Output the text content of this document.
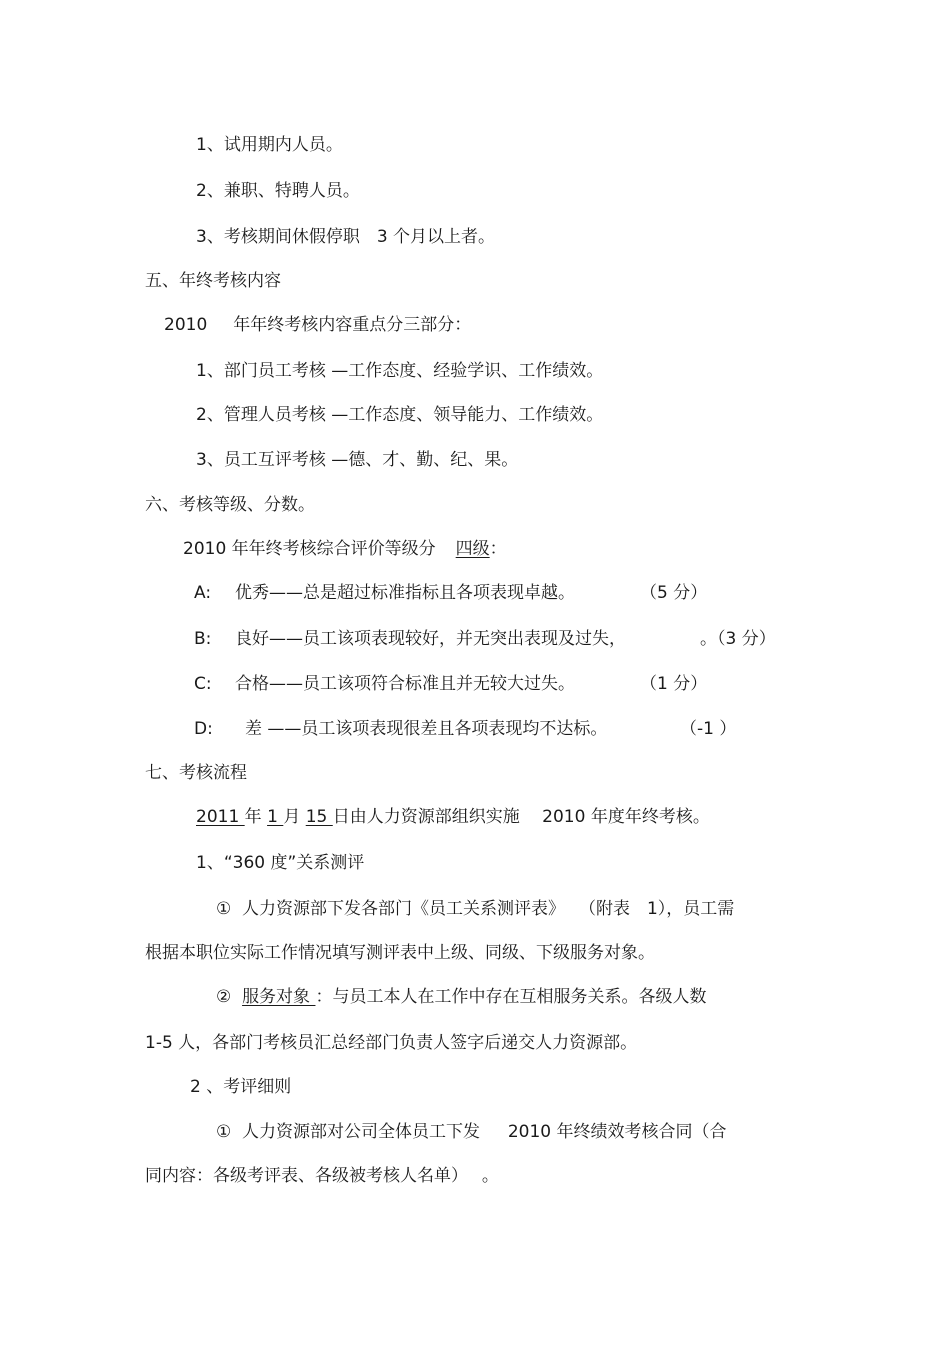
1、试用期内人员。
2、兼职、特聘人员。
3、考核期间休假停职　3 个月以上者。
五、年终考核内容
2010 年年终考核内容重点分三部分：
1、部门员工考核 —工作态度、经验学识、工作绩效。
2、管理人员考核 —工作态度、领导能力、工作绩效。
3、员工互评考核 —德、才、勤、纪、果。
六、考核等级、分数。
2010 年年终考核综合评价等级分 四级：
A: 优秀——总是超过标准指标且各项表现卓越。	（5 分）
B: 良好——员工该项表现较好，并无突出表现及过失，	。（3 分）
C: 合格——员工该项符合标准且并无较大过失。	（1 分）
D: 差 ——员工该项表现很差且各项表现均不达标。	（-1 ）
七、考核流程
2011 年 1 月 15 日由人力资源部组织实施　 2010 年度年终考核。
1、“360 度”关系测评
①  人力资源部下发各部门《员工关系测评表》　 （附表　1），员工需
根据本职位实际工作情况填写测评表中上级、同级、下级服务对象。
②  服务对象 ：与员工本人在工作中存在互相服务关系。各级人数
1-5 人，各部门考核员汇总经部门负责人签字后递交人力资源部。
2 、考评细则
①  人力资源部对公司全体员工下发　  2010 年终绩效考核合同（合
同内容：各级考评表、各级被考核人名单）　 。
